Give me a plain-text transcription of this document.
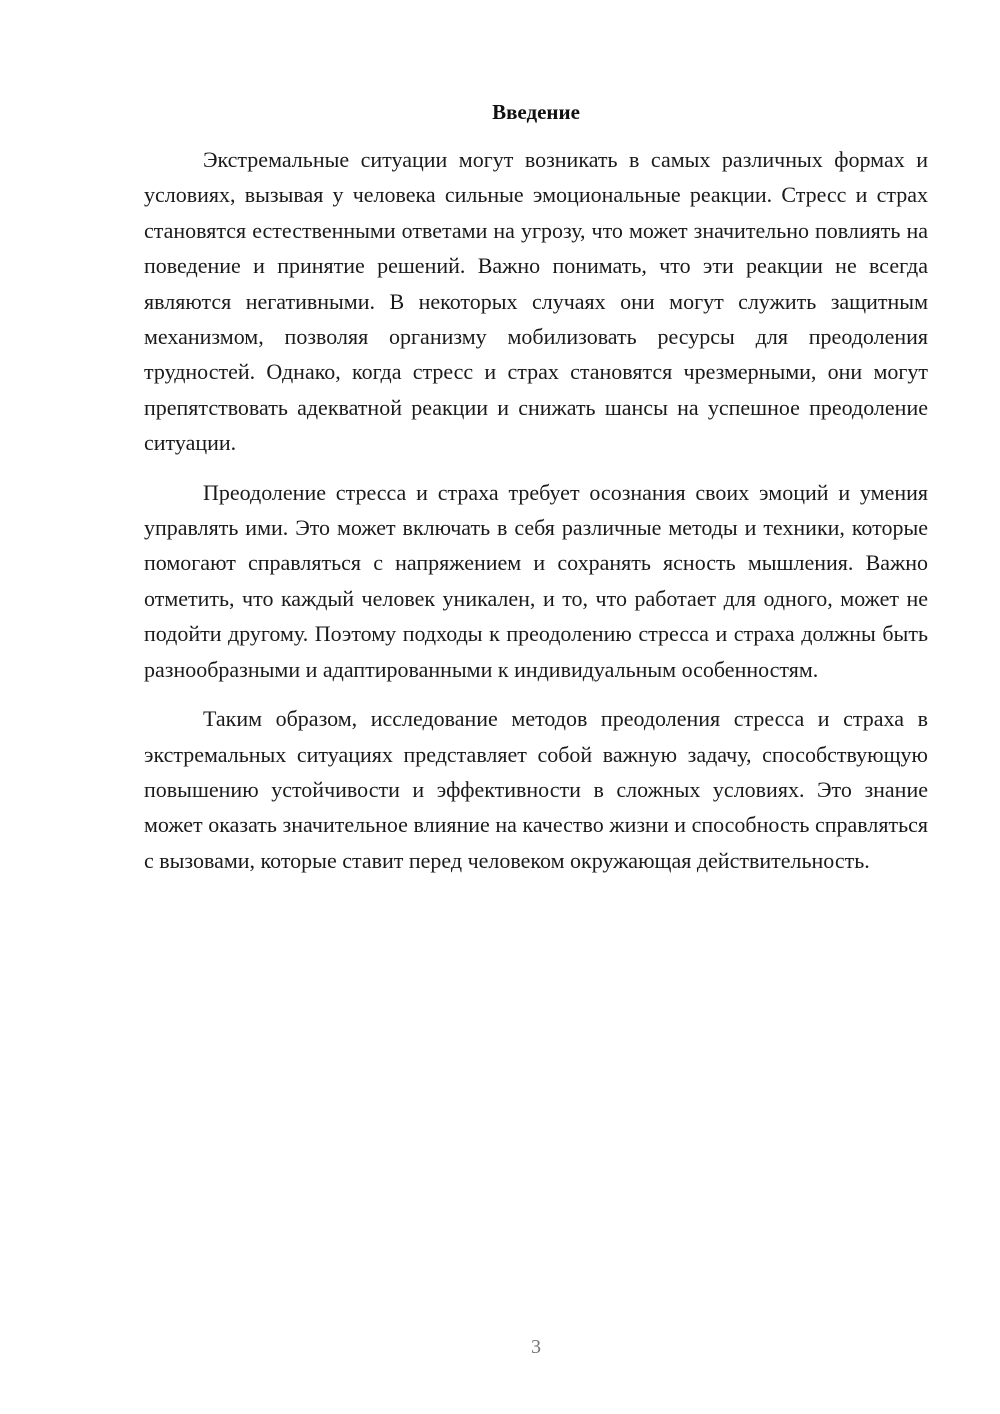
Введение

Экстремальные ситуации могут возникать в самых различных формах и условиях, вызывая у человека сильные эмоциональные реакции. Стресс и страх становятся естественными ответами на угрозу, что может значительно повлиять на поведение и принятие решений. Важно понимать, что эти реакции не всегда являются негативными. В некоторых случаях они могут служить защитным механизмом, позволяя организму мобилизовать ресурсы для преодоления трудностей. Однако, когда стресс и страх становятся чрезмерными, они могут препятствовать адекватной реакции и снижать шансы на успешное преодоление ситуации.

Преодоление стресса и страха требует осознания своих эмоций и умения управлять ими. Это может включать в себя различные методы и техники, которые помогают справляться с напряжением и сохранять ясность мышления. Важно отметить, что каждый человек уникален, и то, что работает для одного, может не подойти другому. Поэтому подходы к преодолению стресса и страха должны быть разнообразными и адаптированными к индивидуальным особенностям.

Таким образом, исследование методов преодоления стресса и страха в экстремальных ситуациях представляет собой важную задачу, способствующую повышению устойчивости и эффективности в сложных условиях. Это знание может оказать значительное влияние на качество жизни и способность справляться с вызовами, которые ставит перед человеком окружающая действительность.

3
